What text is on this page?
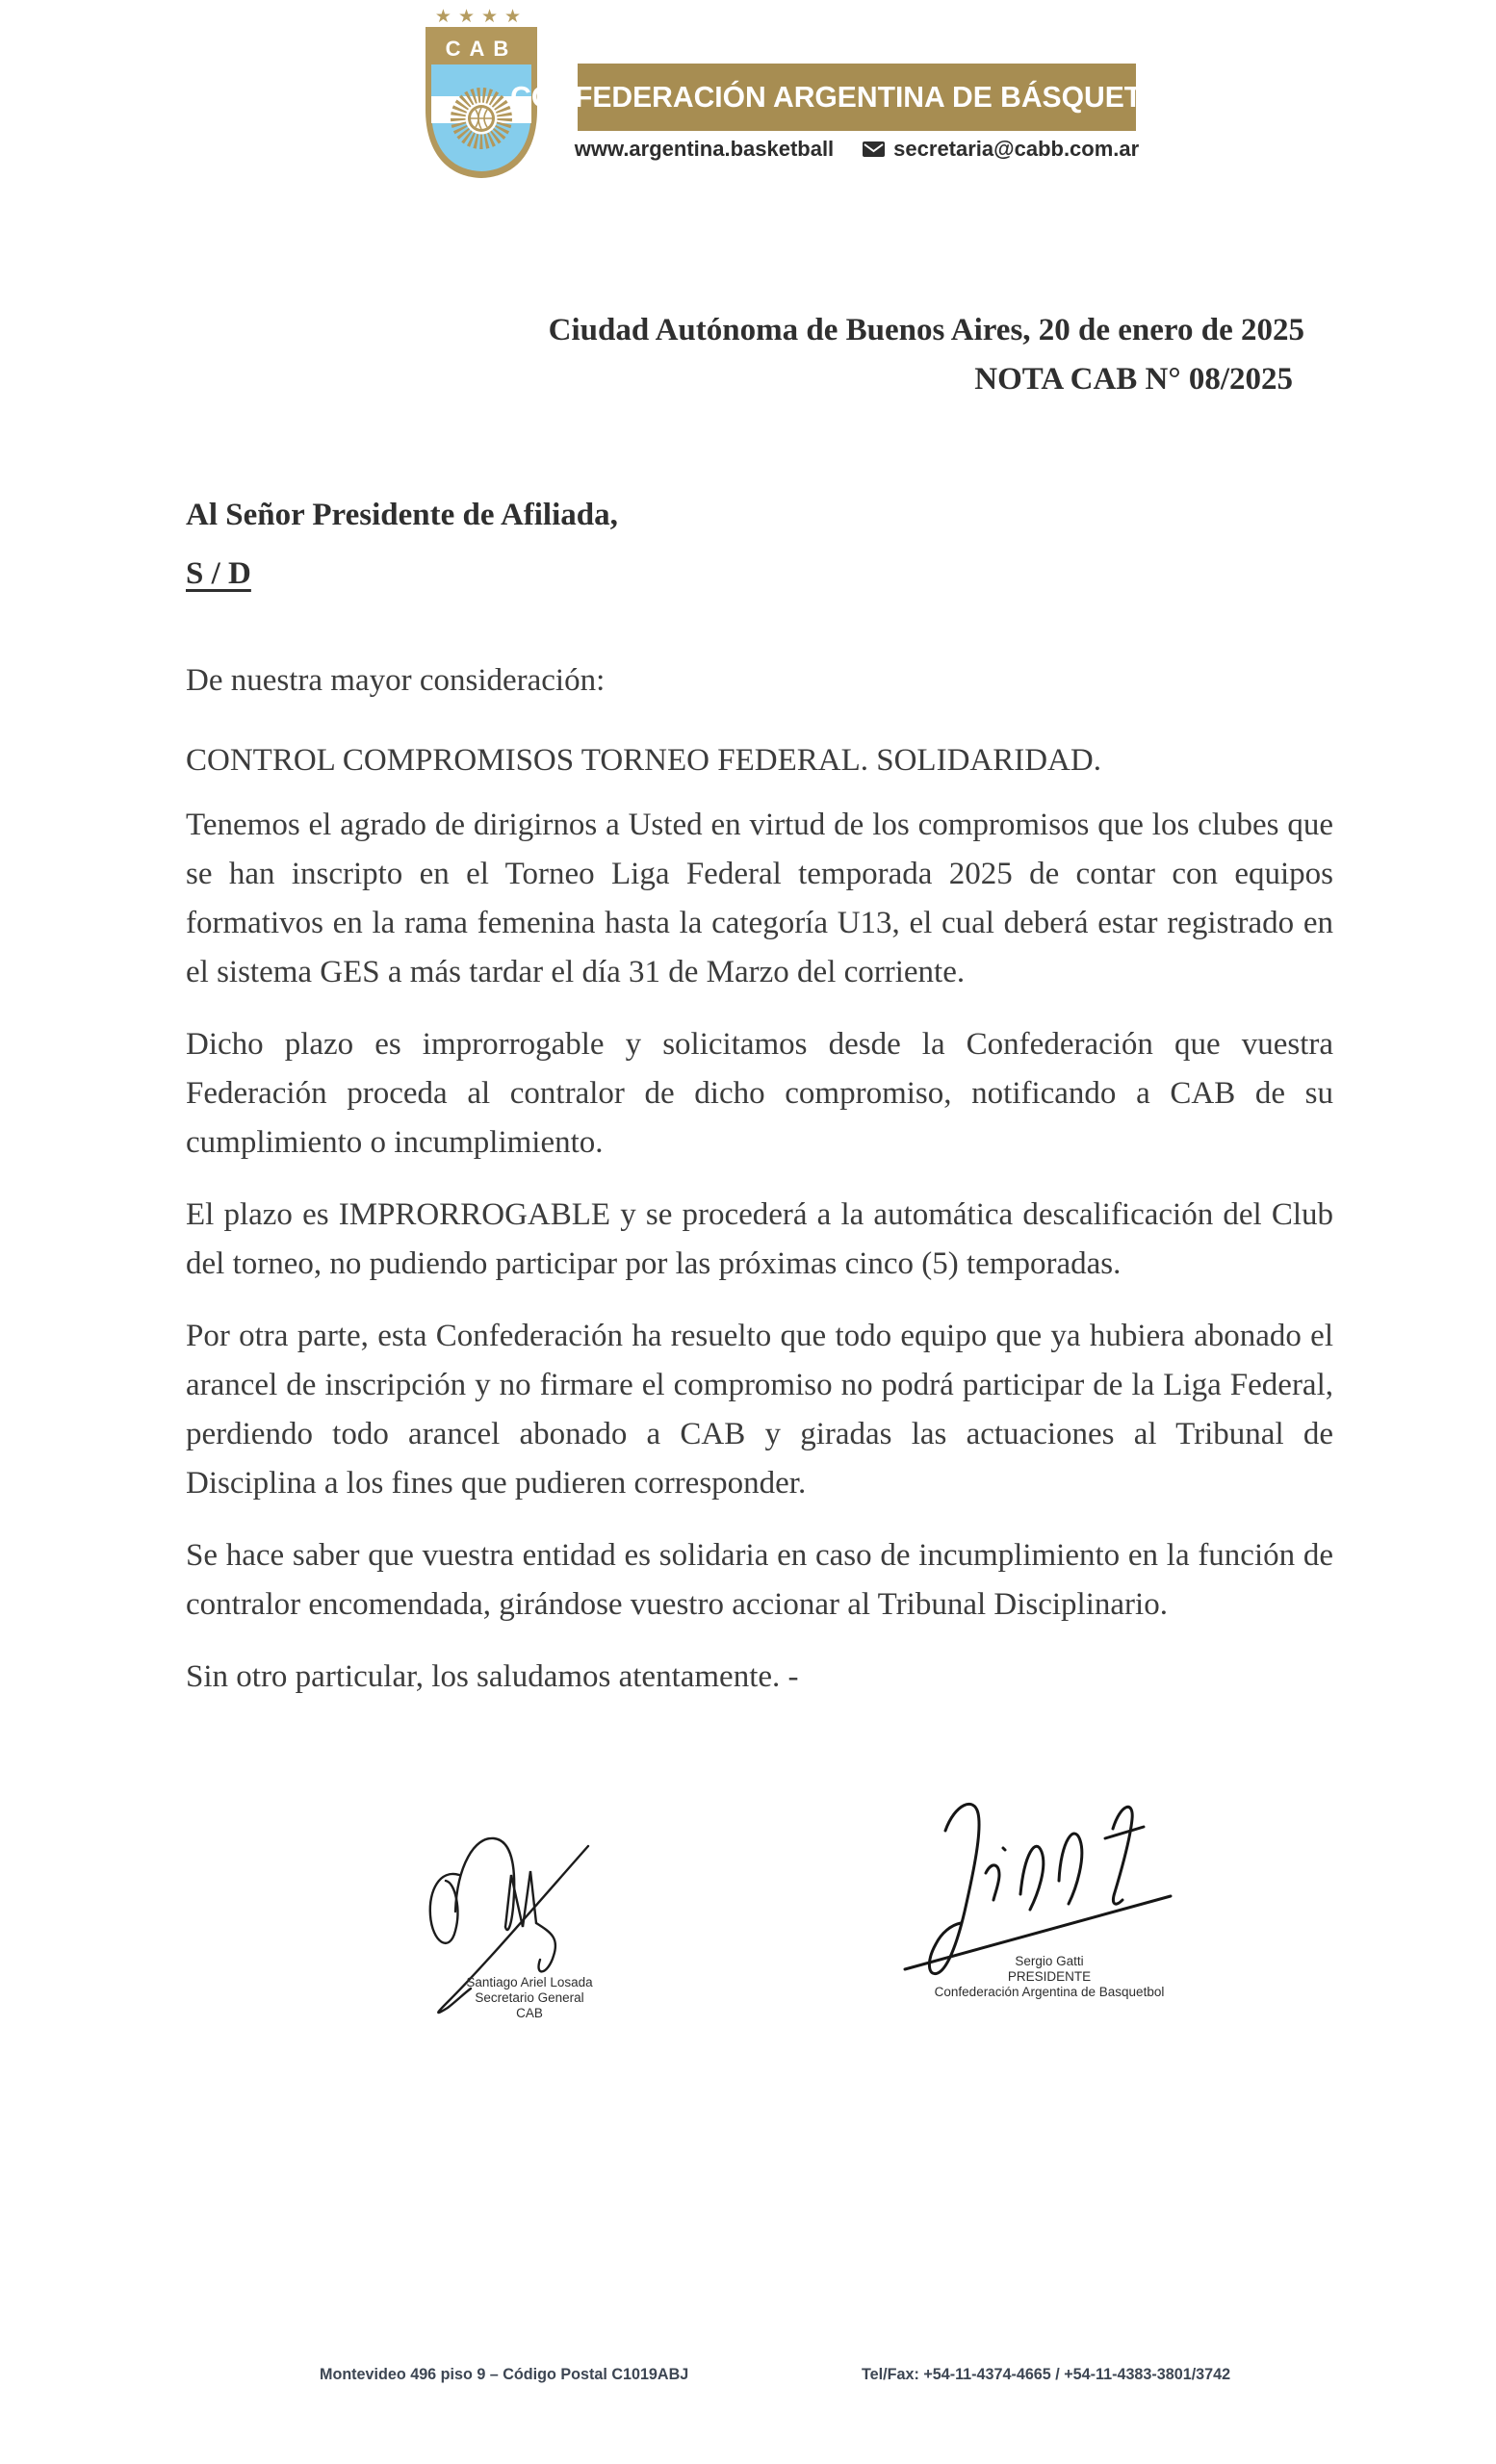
★★★★
CAB
CONFEDERACIÓN ARGENTINA DE BÁSQUETBOL
www.argentina.basketball	secretaria@cabb.com.ar
Ciudad Autónoma de Buenos Aires, 20 de enero de 2025
NOTA CAB N° 08/2025
Al Señor Presidente de Afiliada,
S / D
De nuestra mayor consideración:
CONTROL COMPROMISOS TORNEO FEDERAL. SOLIDARIDAD.

Tenemos el agrado de dirigirnos a Usted en virtud de los compromisos que los clubes que se han inscripto en el Torneo Liga Federal temporada 2025 de contar con equipos formativos en la rama femenina hasta la categoría U13, el cual deberá estar registrado en el sistema GES a más tardar el día 31 de Marzo del corriente.

Dicho plazo es improrrogable y solicitamos desde la Confederación que vuestra Federación proceda al contralor de dicho compromiso, notificando a CAB de su cumplimiento o incumplimiento.

El plazo es IMPRORROGABLE y se procederá a la automática descalificación del Club del torneo, no pudiendo participar por las próximas cinco (5) temporadas.

Por otra parte, esta Confederación ha resuelto que todo equipo que ya hubiera abonado el arancel de inscripción y no firmare el compromiso no podrá participar de la Liga Federal, perdiendo todo arancel abonado a CAB y giradas las actuaciones al Tribunal de Disciplina a los fines que pudieren corresponder.

Se hace saber que vuestra entidad es solidaria en caso de incumplimiento en la función de contralor encomendada, girándose vuestro accionar al Tribunal Disciplinario.

Sin otro particular, los saludamos atentamente. -
Santiago Ariel Losada
Secretario General
CAB
Sergio Gatti
PRESIDENTE
Confederación Argentina de Basquetbol
Montevideo 496 piso 9 – Código Postal C1019ABJ	Tel/Fax: +54-11-4374-4665 / +54-11-4383-3801/3742
